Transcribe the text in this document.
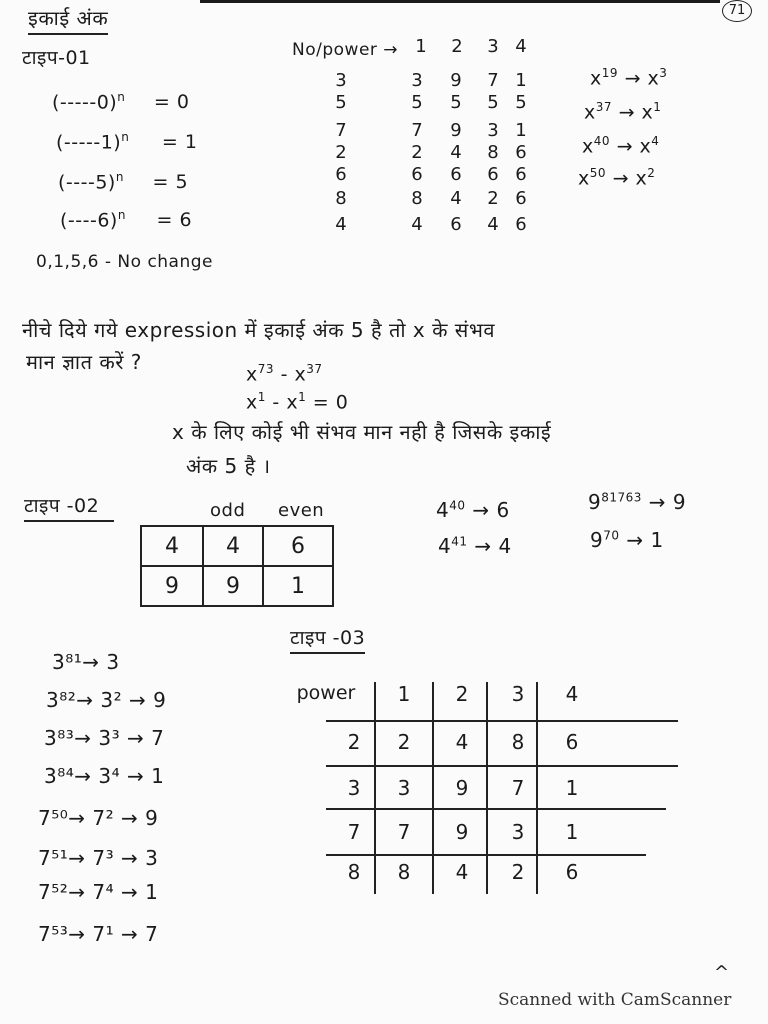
इकाई अंक	71
टाइप-01
$(-----0)^n = 0$
$(-----1)^n = 1$
$(----5)^n = 5$
$(----6)^n = 6$
0,1,5,6 - No change
No/power → 1	2	3 4
3	3	9	7 1
5	5	5	5 5
7	7	9	3 1
2	2	4	8 6
6	6	6	6 6
8	8	4	2 6
4	4	6	4 6
$x^{19} \to x^3$
$x^{37} \to x^1$
$x^{40} \to x^4$
$x^{50} \to x^2$
नीचे दिये गये expression में इकाई अंक 5 है तो x के संभव
मान ज्ञात करें ?
$x^{73} - x^{37}$
$x^1 - x^1 = 0$
x के लिए कोई भी संभव मान नही है जिसके इकाई
अंक 5 है ।
टाइप -02	odd even
4	4	6
9	9	1
$4^{40} \to 6$
$4^{41} \to 4$
$9^{81763} \to 9$
$9^{70} \to 1$
टाइप -03
3⁸¹→ 3
3⁸²→ 3² → 9
3⁸³→ 3³ → 7
3⁸⁴→ 3⁴ → 1
7⁵⁰→ 7² → 9
7⁵¹→ 7³ → 3
7⁵²→ 7⁴ → 1
7⁵³→ 7¹ → 7
power	1	2	3	4
2	2	4	8	6
3	3	9	7	1
7	7	9	3	1
8	8	4	2	6
^
Scanned with CamScanner
